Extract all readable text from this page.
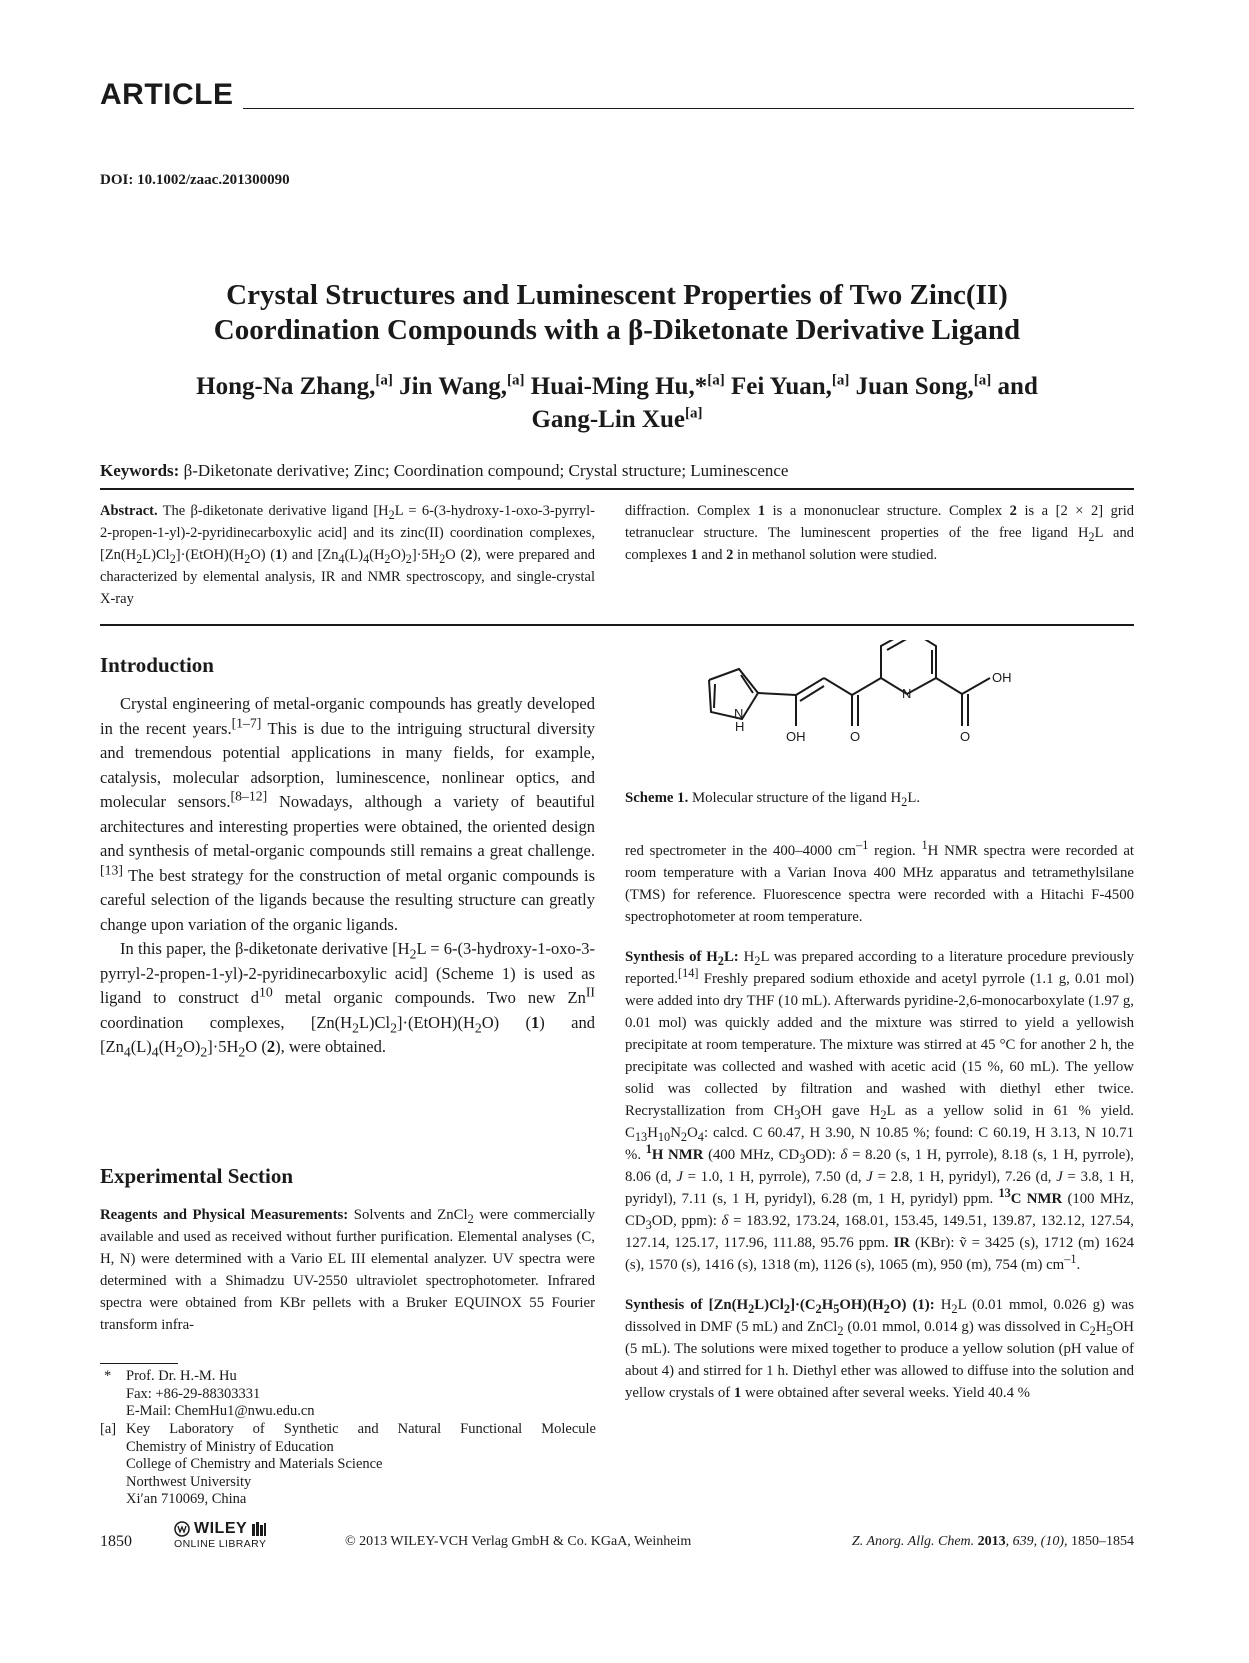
ARTICLE
DOI: 10.1002/zaac.201300090
Crystal Structures and Luminescent Properties of Two Zinc(II)
Coordination Compounds with a β-Diketonate Derivative Ligand
Hong-Na Zhang,[a] Jin Wang,[a] Huai-Ming Hu,*[a] Fei Yuan,[a] Juan Song,[a] and
Gang-Lin Xue[a]
Keywords: β-Diketonate derivative; Zinc; Coordination compound; Crystal structure; Luminescence
Abstract. The β-diketonate derivative ligand [$H_2L$ = 6-(3-hydroxy-1-oxo-3-pyrryl-2-propen-1-yl)-2-pyridinecarboxylic acid] and its zinc(II) coordination complexes, $[Zn(H_2L)Cl_2]\cdot(EtOH)(H_2O)$ (1) and $[Zn_4(L)_4(H_2O)_2]\cdot 5H_2O$ (2), were prepared and characterized by elemental analysis, IR and NMR spectroscopy, and single-crystal X-ray
diffraction. Complex 1 is a mononuclear structure. Complex 2 is a [2 × 2] grid tetranuclear structure. The luminescent properties of the free ligand $H_2L$ and complexes 1 and 2 in methanol solution were studied.
Introduction

Crystal engineering of metal-organic compounds has greatly developed in the recent years.[1–7] This is due to the intriguing structural diversity and tremendous potential applications in many fields, for example, catalysis, molecular adsorption, luminescence, nonlinear optics, and molecular sensors.[8–12] Nowadays, although a variety of beautiful architectures and interesting properties were obtained, the oriented design and synthesis of metal-organic compounds still remains a great challenge.[13] The best strategy for the construction of metal organic compounds is careful selection of the ligands because the resulting structure can greatly change upon variation of the organic ligands.

In this paper, the β-diketonate derivative [$H_2L$ = 6-(3-hydroxy-1-oxo-3-pyrryl-2-propen-1-yl)-2-pyridinecarboxylic acid] (Scheme 1) is used as ligand to construct $d^{10}$ metal organic compounds. Two new $Zn^{II}$ coordination complexes, $[Zn(H_2L)Cl_2]\cdot(EtOH)(H_2O)$ (1) and $[Zn_4(L)_4(H_2O)_2]\cdot 5H_2O$ (2), were obtained.

Experimental Section
Reagents and Physical Measurements: Solvents and ZnCl$_2$ were commercially available and used as received without further purification. Elemental analyses (C, H, N) were determined with a Vario EL III elemental analyzer. UV spectra were determined with a Shimadzu UV-2550 ultraviolet spectrophotometer. Infrared spectra were obtained from KBr pellets with a Bruker EQUINOX 55 Fourier transform infra-
N
H
OH	O
N
O
OH
Scheme 1. Molecular structure of the ligand $H_2L$.

red spectrometer in the 400–4000 $cm^{-1}$ region. $^1$H NMR spectra were recorded at room temperature with a Varian Inova 400 MHz apparatus and tetramethylsilane (TMS) for reference. Fluorescence spectra were recorded with a Hitachi F-4500 spectrophotometer at room temperature.

Synthesis of $H_2L$: $H_2L$ was prepared according to a literature procedure previously reported.[14] Freshly prepared sodium ethoxide and acetyl pyrrole (1.1 g, 0.01 mol) were added into dry THF (10 mL). Afterwards pyridine-2,6-monocarboxylate (1.97 g, 0.01 mol) was quickly added and the mixture was stirred to yield a yellowish precipitate at room temperature. The mixture was stirred at 45 °C for another 2 h, the precipitate was collected and washed with acetic acid (15 %, 60 mL). The yellow solid was collected by filtration and washed with diethyl ether twice. Recrystallization from $CH_3OH$ gave $H_2L$ as a yellow solid in 61 % yield. $C_{13}H_{10}N_2O_4$: calcd. C 60.47, H 3.90, N 10.85 %; found: C 60.19, H 3.13, N 10.71 %. $^1$H NMR (400 MHz, $CD_3OD$): δ = 8.20 (s, 1 H, pyrrole), 8.18 (s, 1 H, pyrrole), 8.06 (d, J = 1.0, 1 H, pyrrole), 7.50 (d, J = 2.8, 1 H, pyridyl), 7.26 (d, J = 3.8, 1 H, pyridyl), 7.11 (s, 1 H, pyridyl), 6.28 (m, 1 H, pyridyl) ppm. $^{13}$C NMR (100 MHz, $CD_3OD$, ppm): δ = 183.92, 173.24, 168.01, 153.45, 149.51, 139.87, 132.12, 127.54, 127.14, 125.17, 117.96, 111.88, 95.76 ppm. IR (KBr): ṽ = 3425 (s), 1712 (m) 1624 (s), 1570 (s), 1416 (s), 1318 (m), 1126 (s), 1065 (m), 950 (m), 754 (m) $cm^{-1}$.

Synthesis of $[Zn(H_2L)Cl_2]\cdot(C_2H_5OH)(H_2O)$ (1): $H_2L$ (0.01 mmol, 0.026 g) was dissolved in DMF (5 mL) and ZnCl$_2$ (0.01 mmol, 0.014 g) was dissolved in $C_2H_5OH$ (5 mL). The solutions were mixed together to produce a yellow solution (pH value of about 4) and stirred for 1 h. Diethyl ether was allowed to diffuse into the solution and yellow crystals of 1 were obtained after several weeks. Yield 40.4 %

* Prof. Dr. H.-M. Hu
Fax: +86-29-88303331
E-Mail: ChemHu1@nwu.edu.cn
[a] Key Laboratory of Synthetic and Natural Functional Molecule
Chemistry of Ministry of Education
College of Chemistry and Materials Science
Northwest University
Xi′an 710069, China
1850
WILEY
ONLINE LIBRARY	© 2013 WILEY-VCH Verlag GmbH & Co. KGaA, Weinheim	Z. Anorg. Allg. Chem. 2013, 639, (10), 1850–1854
